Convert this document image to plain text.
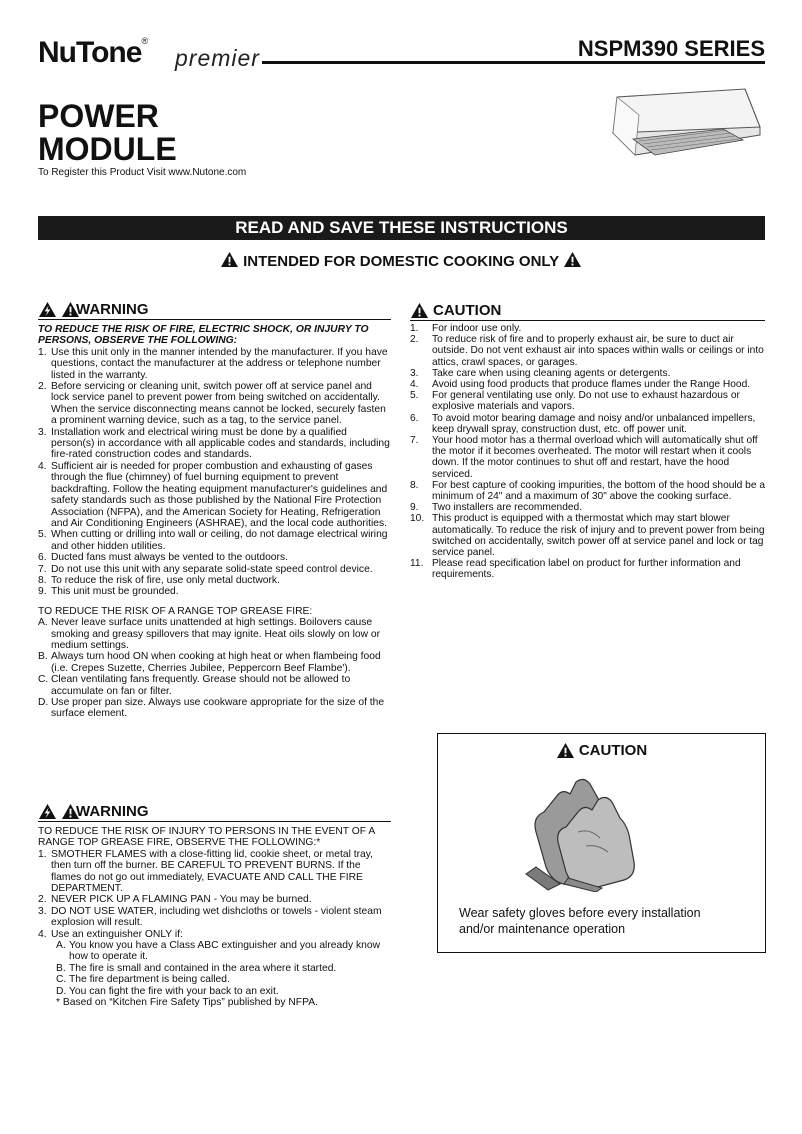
NuTone®
premier	NSPM390 SERIES
POWER
MODULE
To Register this Product Visit www.Nutone.com
READ AND SAVE THESE INSTRUCTIONS
INTENDED FOR DOMESTIC COOKING ONLY
WARNING
TO REDUCE THE RISK OF FIRE, ELECTRIC SHOCK, OR INJURY TO PERSONS, OBSERVE THE FOLLOWING:
1. Use this unit only in the manner intended by the manufacturer. If you have questions, contact the manufacturer at the address or telephone number listed in the warranty.
2. Before servicing or cleaning unit, switch power off at service panel and lock service panel to prevent power from being switched on accidentally. When the service disconnecting means cannot be locked, securely fasten a prominent warning device, such as a tag, to the service panel.
3. Installation work and electrical wiring must be done by a qualified person(s) in accordance with all applicable codes and standards, including fire-rated construction codes and standards.
4. Sufficient air is needed for proper combustion and exhausting of gases through the flue (chimney) of fuel burning equipment to prevent backdrafting. Follow the heating equipment manufacturer's guidelines and safety standards such as those published by the National Fire Protection Association (NFPA), and the American Society for Heating, Refrigeration and Air Conditioning Engineers (ASHRAE), and the local code authorities.
5. When cutting or drilling into wall or ceiling, do not damage electrical wiring and other hidden utilities.
6. Ducted fans must always be vented to the outdoors.
7. Do not use this unit with any separate solid-state speed control device.
8. To reduce the risk of fire, use only metal ductwork.
9. This unit must be grounded.
TO REDUCE THE RISK OF A RANGE TOP GREASE FIRE:
A. Never leave surface units unattended at high settings. Boilovers cause smoking and greasy spillovers that may ignite. Heat oils slowly on low or medium settings.
B. Always turn hood ON when cooking at high heat or when flambeing food (i.e. Crepes Suzette, Cherries Jubilee, Peppercorn Beef Flambe').
C. Clean ventilating fans frequently. Grease should not be allowed to accumulate on fan or filter.
D. Use proper pan size. Always use cookware appropriate for the size of the surface element.
WARNING
TO REDUCE THE RISK OF INJURY TO PERSONS IN THE EVENT OF A RANGE TOP GREASE FIRE, OBSERVE THE FOLLOWING:*
1. SMOTHER FLAMES with a close-fitting lid, cookie sheet, or metal tray, then turn off the burner. BE CAREFUL TO PREVENT BURNS. If the flames do not go out immediately, EVACUATE AND CALL THE FIRE DEPARTMENT.
2. NEVER PICK UP A FLAMING PAN - You may be burned.
3. DO NOT USE WATER, including wet dishcloths or towels - violent steam explosion will result.
4. Use an extinguisher ONLY if:
A. You know you have a Class ABC extinguisher and you already know how to operate it.
B. The fire is small and contained in the area where it started.
C. The fire department is being called.
D. You can fight the fire with your back to an exit.
* Based on “Kitchen Fire Safety Tips” published by NFPA.
CAUTION
1.	For indoor use only.
2.	To reduce risk of fire and to properly exhaust air, be sure to duct air outside. Do not vent exhaust air into spaces within walls or ceilings or into attics, crawl spaces, or garages.
3.	Take care when using cleaning agents or detergents.
4.	Avoid using food products that produce flames under the Range Hood.
5.	For general ventilating use only. Do not use to exhaust hazardous or explosive materials and vapors.
6.	To avoid motor bearing damage and noisy and/or unbalanced impellers, keep drywall spray, construction dust, etc. off power unit.
7.	Your hood motor has a thermal overload which will automatically shut off the motor if it becomes overheated. The motor will restart when it cools down. If the motor continues to shut off and restart, have the hood serviced.
8.	For best capture of cooking impurities, the bottom of the hood should be a minimum of 24" and a maximum of 30" above the cooking surface.
9.	Two installers are recommended.
10. This product is equipped with a thermostat which may start blower automatically. To reduce the risk of injury and to prevent power from being switched on accidentally, switch power off at service panel and lock or tag service panel.
11. Please read specification label on product for further information and requirements.
CAUTION
Wear safety gloves before every installation
and/or maintenance operation
